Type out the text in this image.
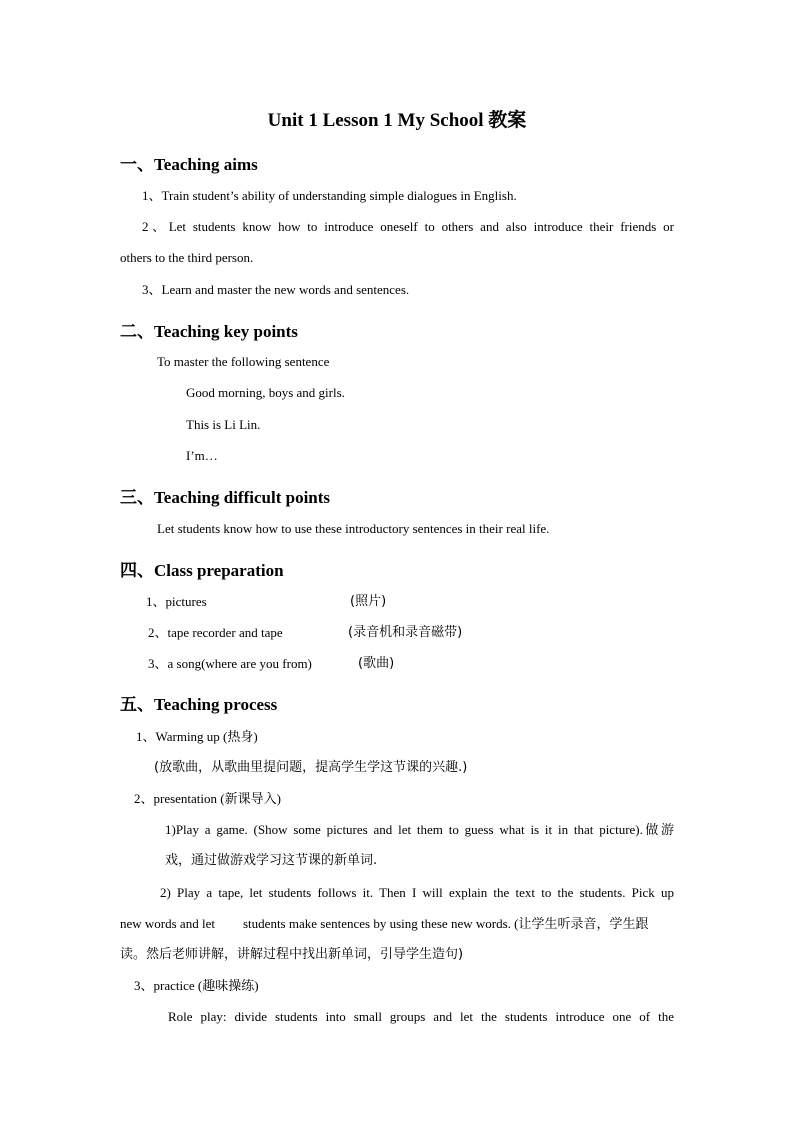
Unit 1 Lesson 1 My School 教案
一、Teaching aims
1、Train student’s ability of understanding simple dialogues in English.
2、Let students know how to introduce oneself to others and also introduce their friends or
others to the third person.
3、Learn and master the new words and sentences.
二、Teaching key points
To master the following sentence
Good morning, boys and girls.
This is Li Lin.
I’m…
三、Teaching difficult points
Let students know how to use these introductory sentences in their real life.
四、Class preparation
1、pictures	(照片)
2、tape recorder and tape	(录音机和录音磁带)
3、a song(where are you from)	(歌曲)
五、Teaching process
1、Warming up (热身)
(放歌曲，从歌曲里提问题，提高学生学这节课的兴趣.)
2、presentation (新课导入)
1)Play a game. (Show some pictures and let them to guess what is it in that picture).做游
戏，通过做游戏学习这节课的新单词.
2) Play a tape, let students follows it. Then I will explain the text to the students. Pick up
new words and let students make sentences by using these new words. (让学生听录音，学生跟
读。然后老师讲解，讲解过程中找出新单词，引导学生造句)
3、practice (趣味操练)
Role play: divide students into small groups and let the students introduce one of the
